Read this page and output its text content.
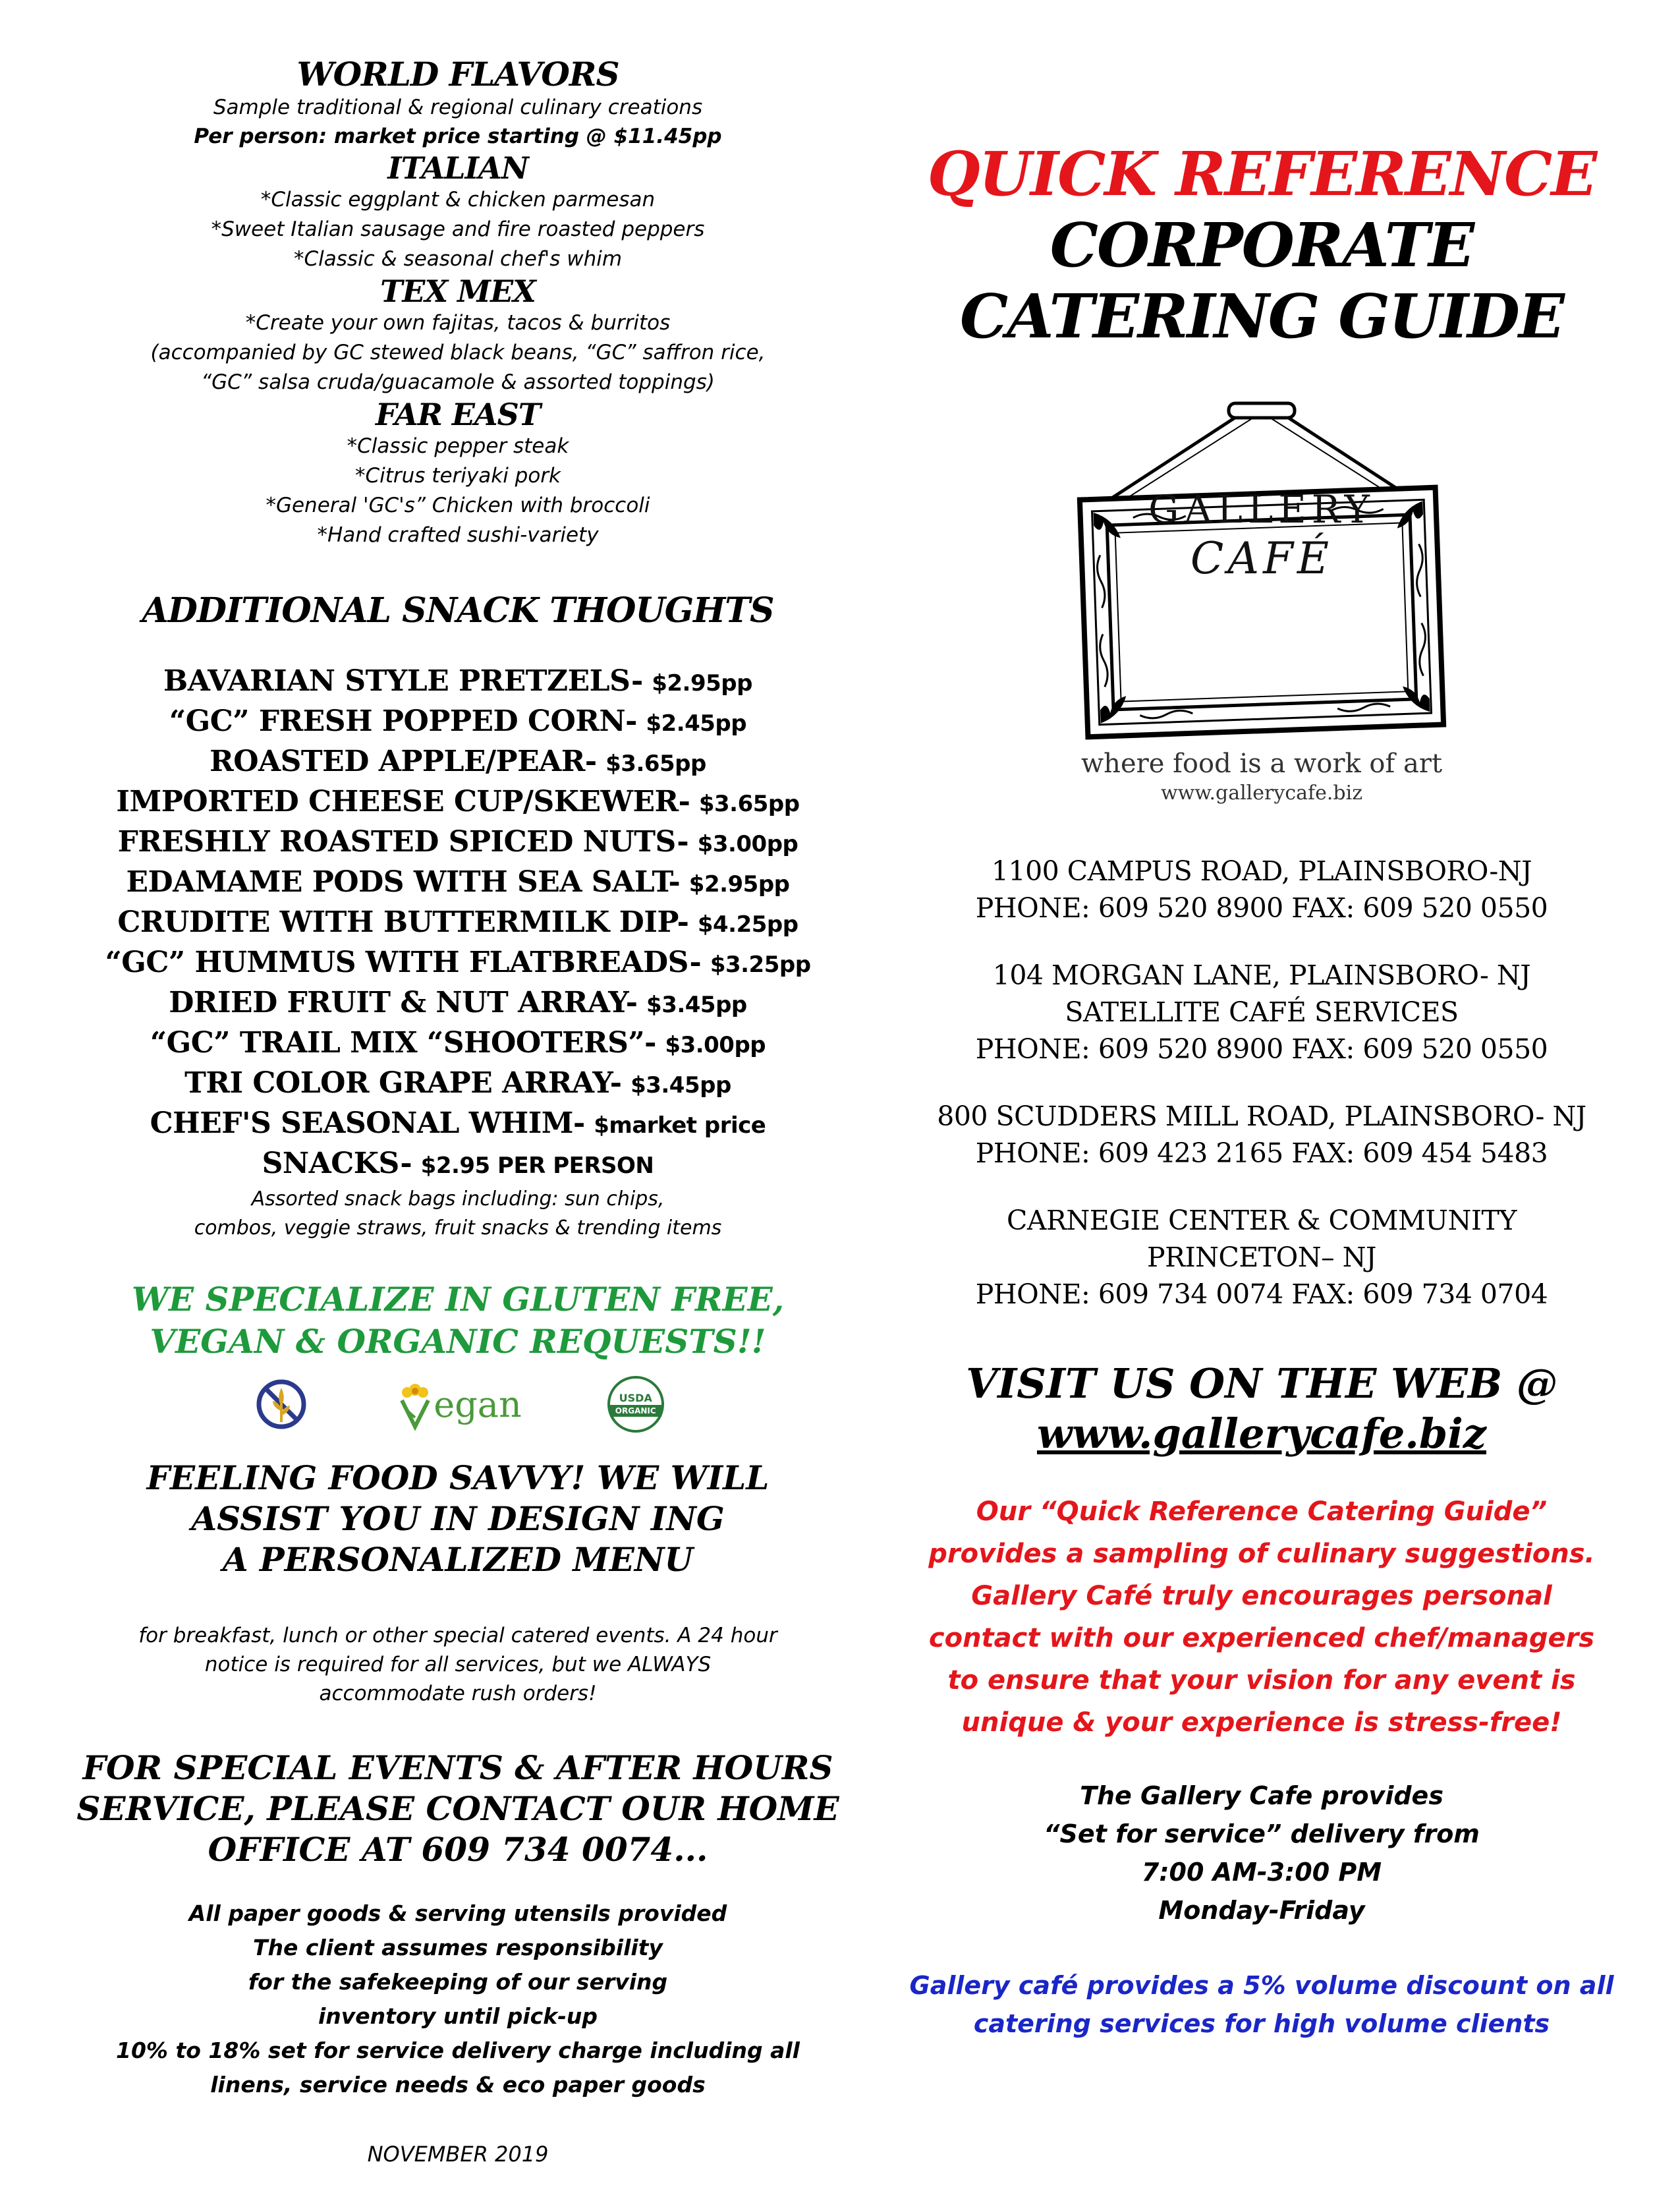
WORLD FLAVORS

Sample traditional & regional culinary creations

Per person: market price starting @ $11.45pp

ITALIAN

*Classic eggplant & chicken parmesan

*Sweet Italian sausage and fire roasted peppers

*Classic & seasonal chef's whim

TEX MEX

*Create your own fajitas, tacos & burritos

(accompanied by GC stewed black beans, “GC” saffron rice,

“GC” salsa cruda/guacamole & assorted toppings)

FAR EAST

*Classic pepper steak

*Citrus teriyaki pork

*General 'GC's” Chicken with broccoli

*Hand crafted sushi-variety

ADDITIONAL SNACK THOUGHTS

BAVARIAN STYLE PRETZELS- $2.95pp

“GC” FRESH POPPED CORN- $2.45pp

ROASTED APPLE/PEAR- $3.65pp

IMPORTED CHEESE CUP/SKEWER- $3.65pp

FRESHLY ROASTED SPICED NUTS- $3.00pp

EDAMAME PODS WITH SEA SALT- $2.95pp

CRUDITE WITH BUTTERMILK DIP- $4.25pp

“GC” HUMMUS WITH FLATBREADS- $3.25pp

DRIED FRUIT & NUT ARRAY- $3.45pp

“GC” TRAIL MIX “SHOOTERS”- $3.00pp

TRI COLOR GRAPE ARRAY- $3.45pp

CHEF'S SEASONAL WHIM- $market price

SNACKS- $2.95 PER PERSON

Assorted snack bags including: sun chips,

combos, veggie straws, fruit snacks & trending items

WE SPECIALIZE IN GLUTEN FREE,
VEGAN & ORGANIC REQUESTS!!

egan	USDA
ORGANIC

FEELING FOOD SAVVY! WE WILL
ASSIST YOU IN DESIGN ING
A PERSONALIZED MENU

for breakfast, lunch or other special catered events. A 24 hour
notice is required for all services, but we ALWAYS
accommodate rush orders!

FOR SPECIAL EVENTS & AFTER HOURS
SERVICE, PLEASE CONTACT OUR HOME
OFFICE AT 609 734 0074...

All paper goods & serving utensils provided
The client assumes responsibility
for the safekeeping of our serving
inventory until pick-up
10% to 18% set for service delivery charge including all
linens, service needs & eco paper goods

NOVEMBER 2019

QUICK REFERENCE

CORPORATE

CATERING GUIDE

GALLERY
CAFÉ

where food is a work of art

www.gallerycafe.biz

1100 CAMPUS ROAD, PLAINSBORO-NJ

PHONE: 609 520 8900 FAX: 609 520 0550

104 MORGAN LANE, PLAINSBORO- NJ

SATELLITE CAFÉ SERVICES

PHONE: 609 520 8900 FAX: 609 520 0550

800 SCUDDERS MILL ROAD, PLAINSBORO- NJ

PHONE: 609 423 2165 FAX: 609 454 5483

CARNEGIE CENTER & COMMUNITY

PRINCETON– NJ

PHONE: 609 734 0074 FAX: 609 734 0704

VISIT US ON THE WEB @
www.gallerycafe.biz

Our “Quick Reference Catering Guide”
provides a sampling of culinary suggestions.
Gallery Café truly encourages personal
contact with our experienced chef/managers
to ensure that your vision for any event is
unique & your experience is stress-free!

The Gallery Cafe provides
“Set for service” delivery from
7:00 AM-3:00 PM
Monday-Friday

Gallery café provides a 5% volume discount on all
catering services for high volume clients
